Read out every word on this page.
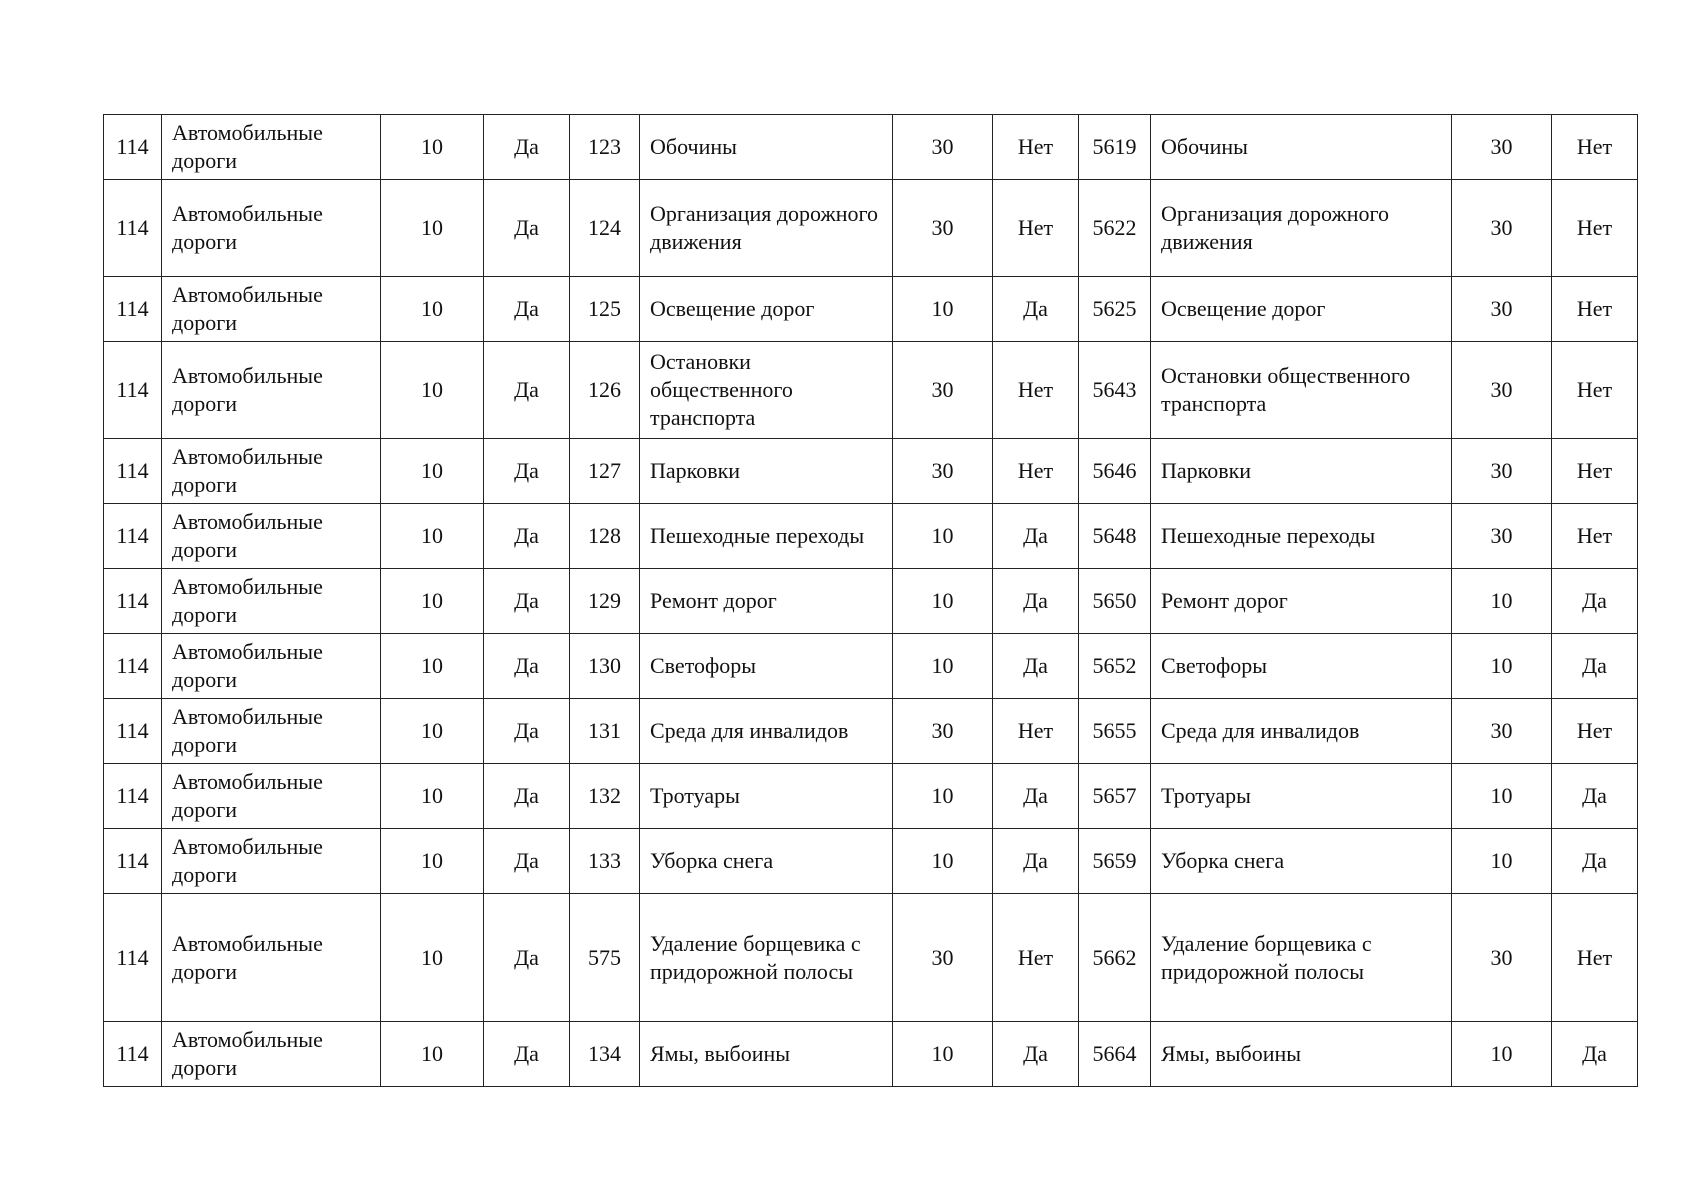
114	Автомобильные дороги	10	Да	123	Обочины	30	Нет	5619	Обочины	30	Нет
114	Автомобильные дороги	10	Да	124	Организация дорожного движения	30	Нет	5622	Организация дорожного движения	30	Нет
114	Автомобильные дороги	10	Да	125	Освещение дорог	10	Да	5625	Освещение дорог	30	Нет
114	Автомобильные дороги	10	Да	126	Остановки общественного транспорта	30	Нет	5643	Остановки общественного транспорта	30	Нет
114	Автомобильные дороги	10	Да	127	Парковки	30	Нет	5646	Парковки	30	Нет
114	Автомобильные дороги	10	Да	128	Пешеходные переходы	10	Да	5648	Пешеходные переходы	30	Нет
114	Автомобильные дороги	10	Да	129	Ремонт дорог	10	Да	5650	Ремонт дорог	10	Да
114	Автомобильные дороги	10	Да	130	Светофоры	10	Да	5652	Светофоры	10	Да
114	Автомобильные дороги	10	Да	131	Среда для инвалидов	30	Нет	5655	Среда для инвалидов	30	Нет
114	Автомобильные дороги	10	Да	132	Тротуары	10	Да	5657	Тротуары	10	Да
114	Автомобильные дороги	10	Да	133	Уборка снега	10	Да	5659	Уборка снега	10	Да
114	Автомобильные дороги	10	Да	575	Удаление борщевика с придорожной полосы	30	Нет	5662	Удаление борщевика с придорожной полосы	30	Нет
114	Автомобильные дороги	10	Да	134	Ямы, выбоины	10	Да	5664	Ямы, выбоины	10	Да
